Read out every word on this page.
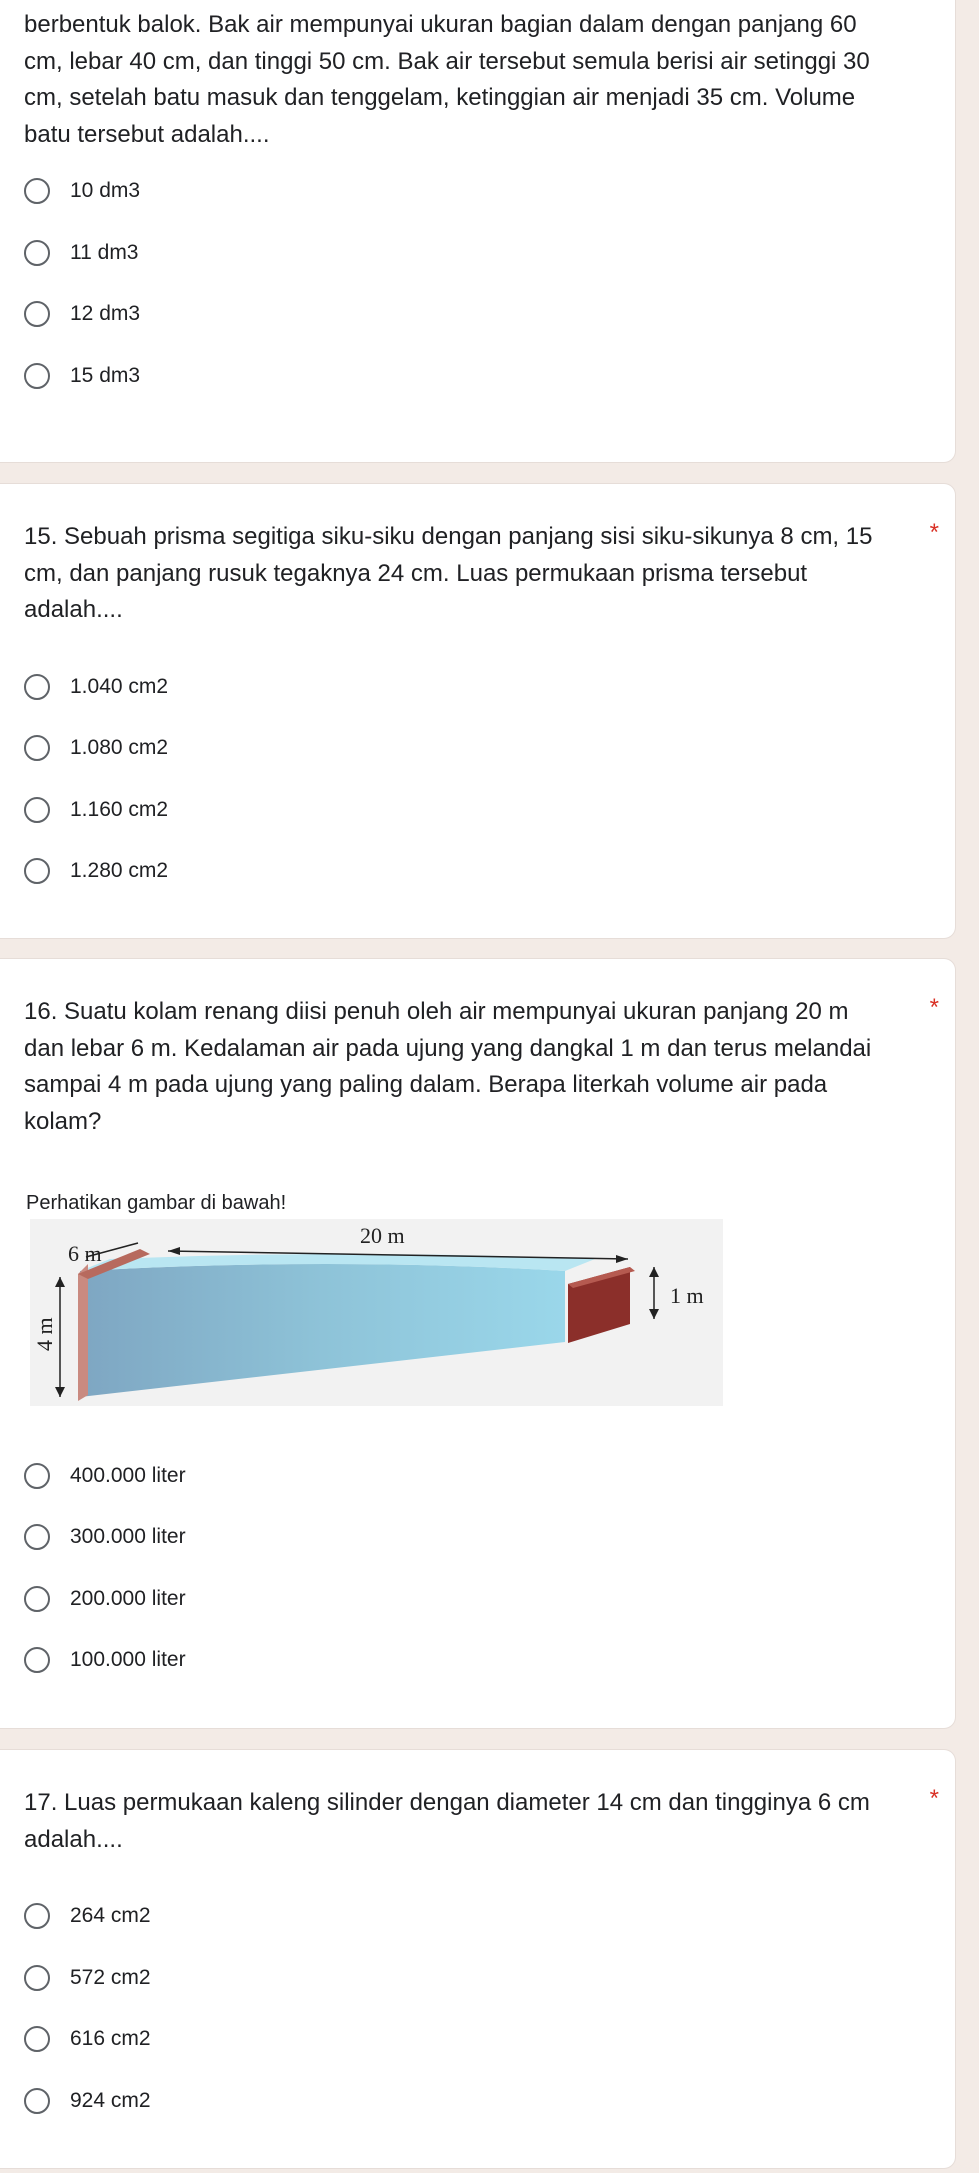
berbentuk balok. Bak air mempunyai ukuran bagian dalam dengan panjang 60
cm, lebar 40 cm, dan tinggi 50 cm. Bak air tersebut semula berisi air setinggi 30
cm, setelah batu masuk dan tenggelam, ketinggian air menjadi 35 cm. Volume
batu tersebut adalah....
10 dm3
11 dm3
12 dm3
15 dm3
15. Sebuah prisma segitiga siku-siku dengan panjang sisi siku-sikunya 8 cm, 15
cm, dan panjang rusuk tegaknya 24 cm. Luas permukaan prisma tersebut
adalah....
*
1.040 cm2
1.080 cm2
1.160 cm2
1.280 cm2
16. Suatu kolam renang diisi penuh oleh air mempunyai ukuran panjang 20 m
dan lebar 6 m. Kedalaman air pada ujung yang dangkal 1 m dan terus melandai
sampai 4 m pada ujung yang paling dalam. Berapa literkah volume air pada
kolam?
*
Perhatikan gambar di bawah!
400.000 liter
300.000 liter
200.000 liter
100.000 liter
6 m
20 m
1 m
4 m
17. Luas permukaan kaleng silinder dengan diameter 14 cm dan tingginya 6 cm
adalah....
*
264 cm2
572 cm2
616 cm2
924 cm2
